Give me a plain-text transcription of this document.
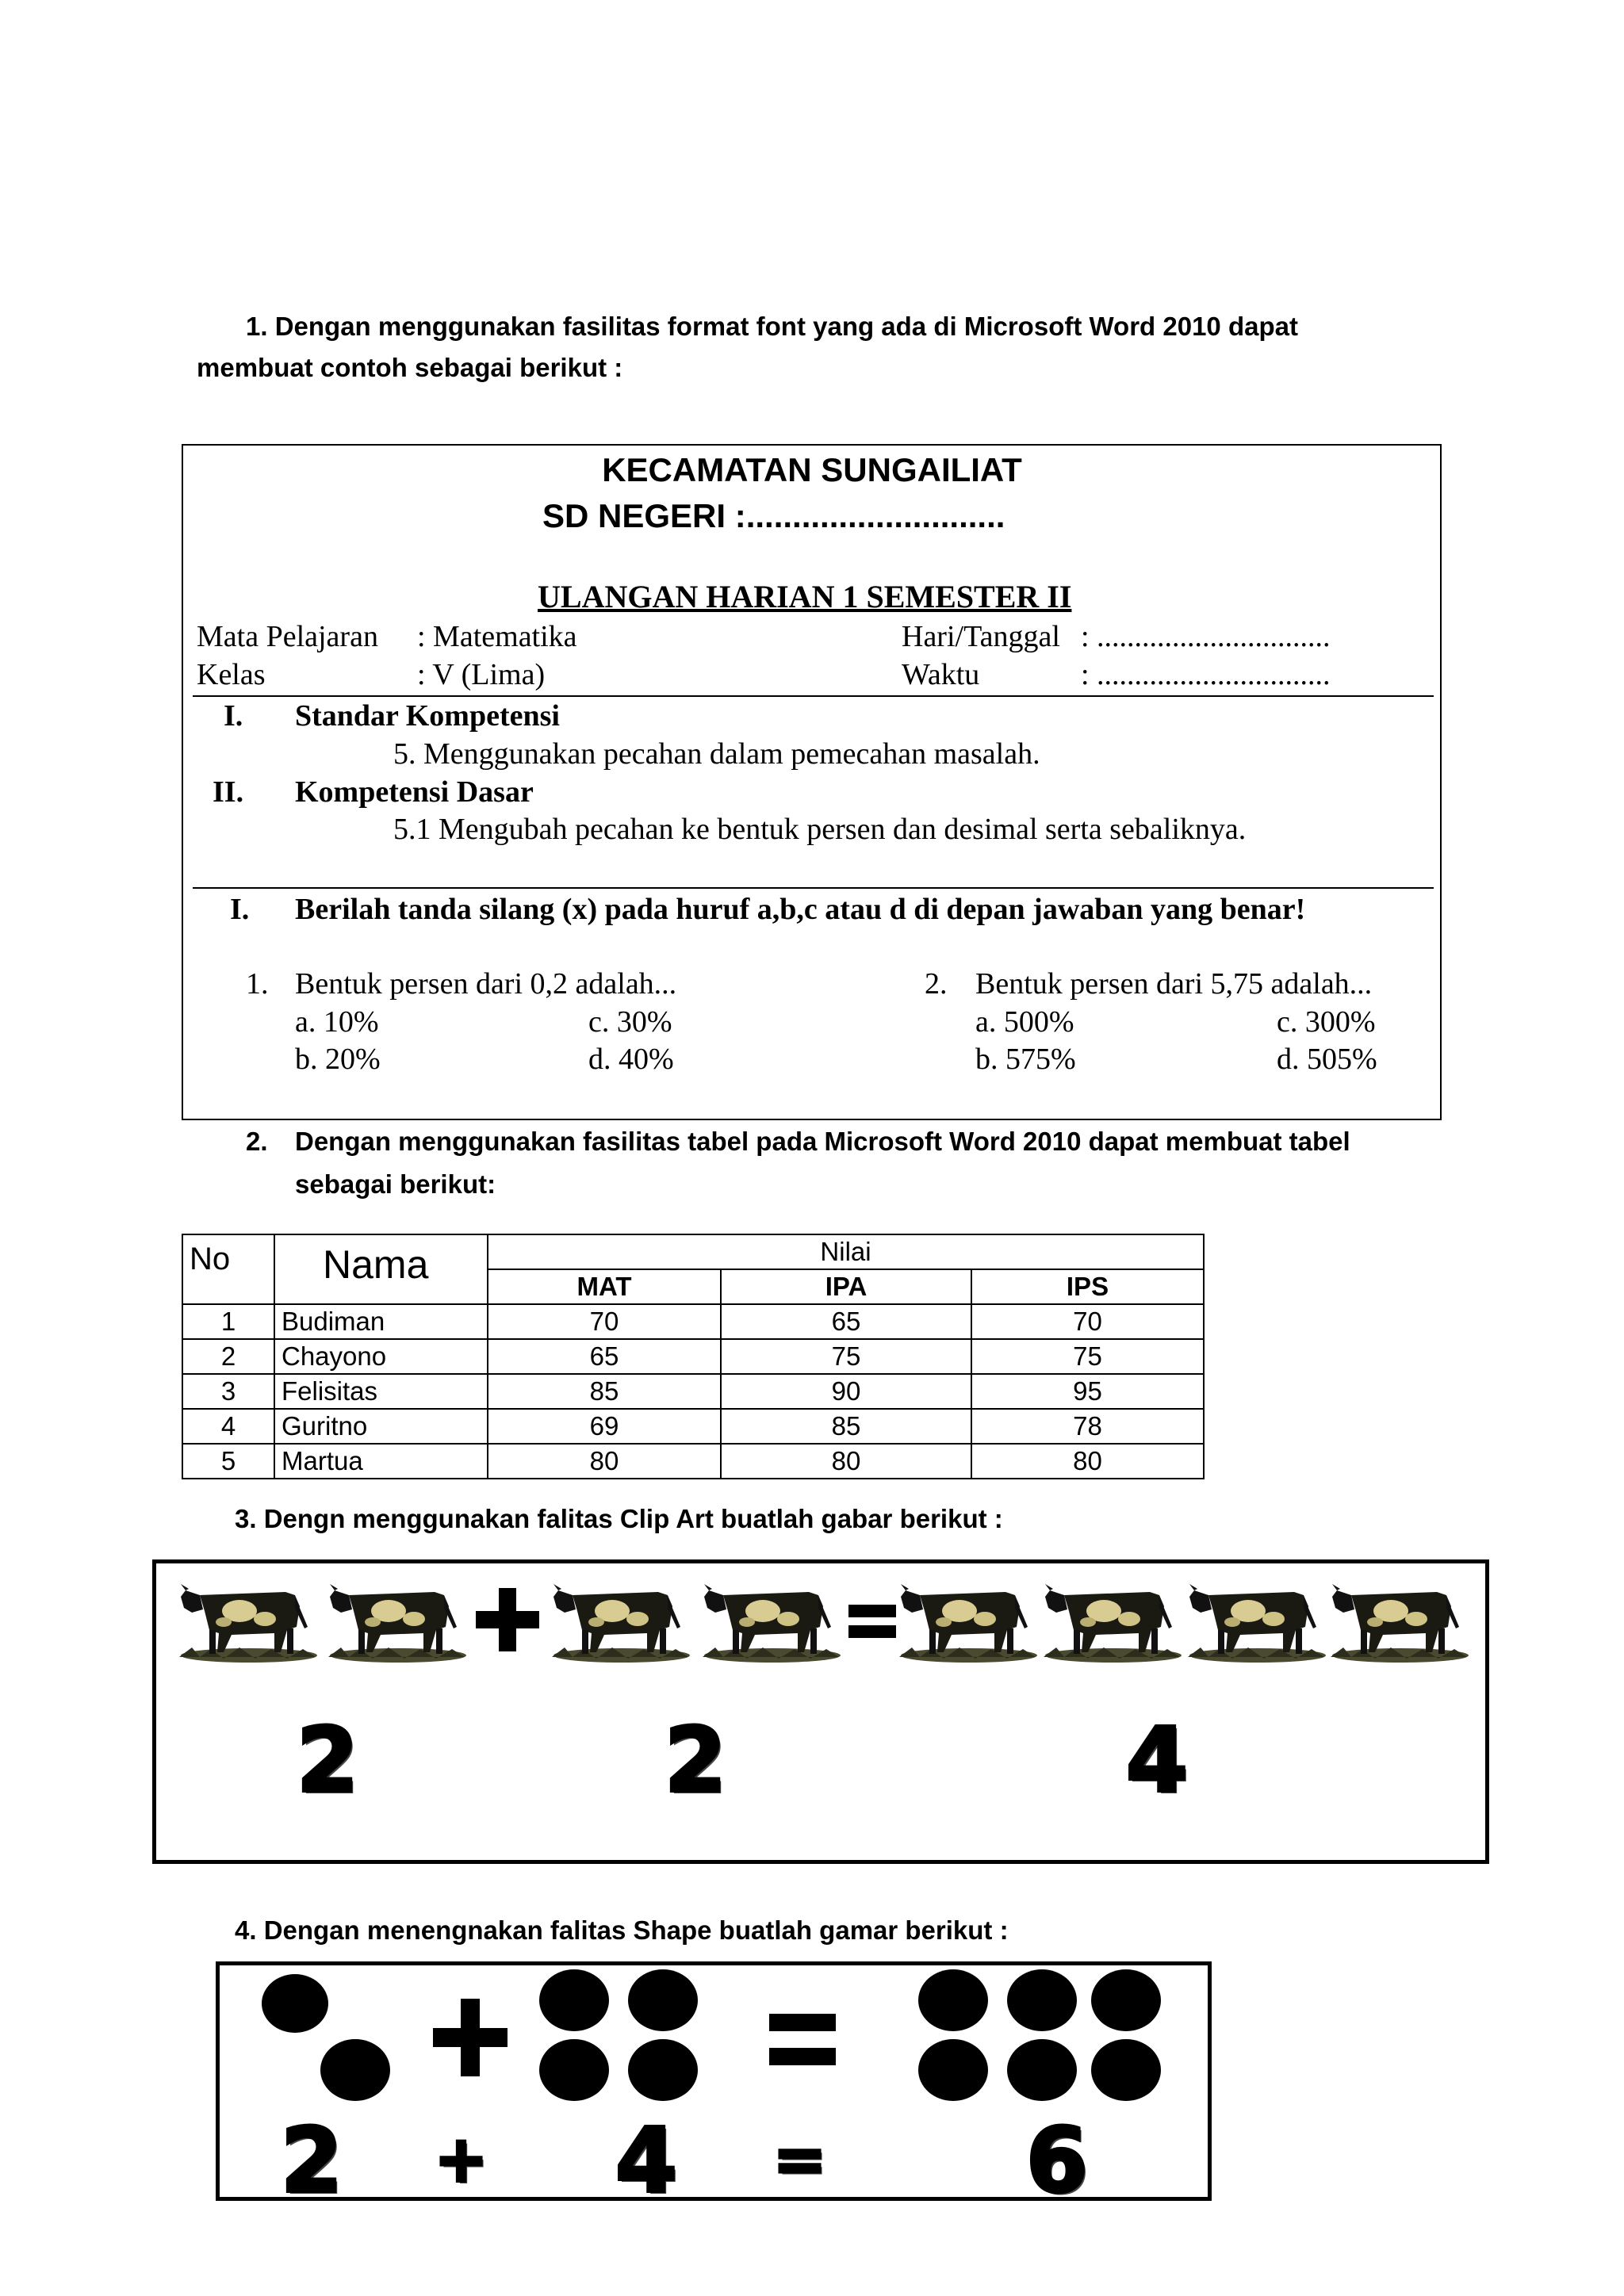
1. Dengan menggunakan fasilitas format font yang ada di Microsoft Word 2010 dapat
membuat contoh sebagai berikut :
KECAMATAN SUNGAILIAT
SD NEGERI :............................
ULANGAN HARIAN 1 SEMESTER II
Mata Pelajaran : Matematika	Hari/Tanggal : ...............................
Kelas	: V (Lima)	Waktu	: ...............................
I. Standar Kompetensi
5. Menggunakan pecahan dalam pemecahan masalah.
II. Kompetensi Dasar
5.1 Mengubah pecahan ke bentuk persen dan desimal serta sebaliknya.
I. Berilah tanda silang (x) pada huruf a,b,c atau d di depan jawaban yang benar!
1. Bentuk persen dari 0,2 adalah...
a. 10%	c. 30%
b. 20%	d. 40%
2. Bentuk persen dari 5,75 adalah...
a. 500%	c. 300%
b. 575%	d. 505%
2. Dengan menggunakan fasilitas tabel pada Microsoft Word 2010 dapat membuat tabel
sebagai berikut:
No	Nama	Nilai		
		MAT	IPA	IPS
1	Budiman	70	65	70
2	Chayono	65	75	75
3	Felisitas	85	90	95
4	Guritno	69	85	78
5	Martua	80	80	80
3. Dengn menggunakan falitas Clip Art buatlah gabar berikut :
2	2	4
4. Dengan menengnakan falitas Shape buatlah gamar berikut :
2 + 4 = 6
